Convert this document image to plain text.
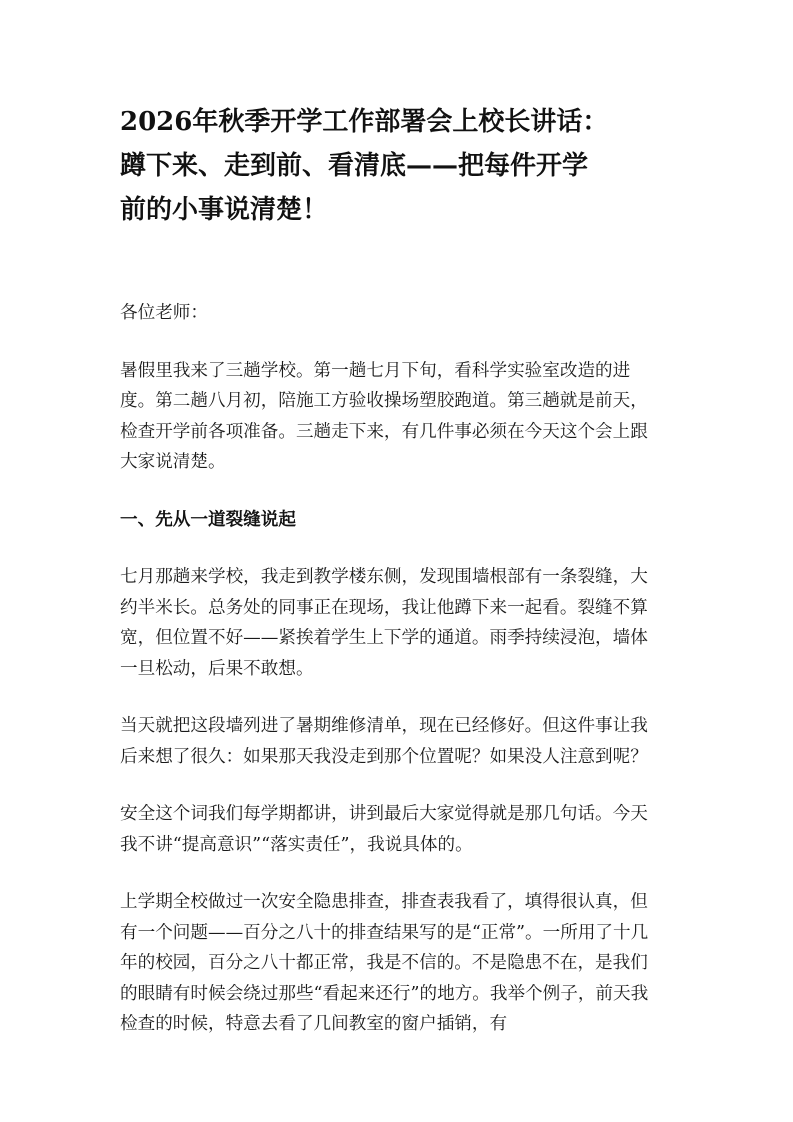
2026年秋季开学工作部署会上校长讲话：
蹲下来、走到前、看清底——把每件开学
前的小事说清楚！

各位老师：

暑假里我来了三趟学校。第一趟七月下旬，看科学实验室改造的进度。第二趟八月初，陪施工方验收操场塑胶跑道。第三趟就是前天，检查开学前各项准备。三趟走下来，有几件事必须在今天这个会上跟大家说清楚。

一、先从一道裂缝说起

七月那趟来学校，我走到教学楼东侧，发现围墙根部有一条裂缝，大约半米长。总务处的同事正在现场，我让他蹲下来一起看。裂缝不算宽，但位置不好——紧挨着学生上下学的通道。雨季持续浸泡，墙体一旦松动，后果不敢想。

当天就把这段墙列进了暑期维修清单，现在已经修好。但这件事让我后来想了很久：如果那天我没走到那个位置呢？如果没人注意到呢？

安全这个词我们每学期都讲，讲到最后大家觉得就是那几句话。今天我不讲“提高意识”“落实责任”，我说具体的。

上学期全校做过一次安全隐患排查，排查表我看了，填得很认真，但有一个问题——百分之八十的排查结果写的是“正常”。一所用了十几年的校园，百分之八十都正常，我是不信的。不是隐患不在，是我们的眼睛有时候会绕过那些“看起来还行”的地方。我举个例子，前天我检查的时候，特意去看了几间教室的窗户插销，有
